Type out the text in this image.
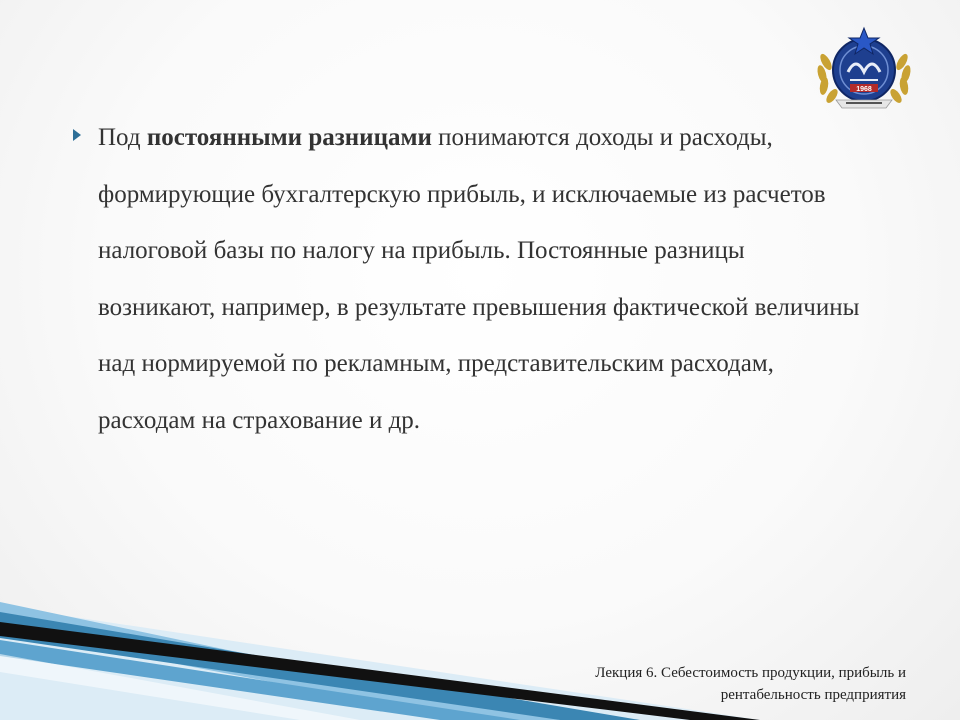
1968

Под постоянными разницами понимаются доходы и расходы, формирующие бухгалтерскую прибыль, и исключаемые из расчетов налоговой базы по налогу на прибыль. Постоянные разницы возникают, например, в результате превышения фактической величины над нормируемой по рекламным, представительским расходам, расходам на страхование и др.

Лекция 6. Себестоимость продукции, прибыль и
рентабельность предприятия
